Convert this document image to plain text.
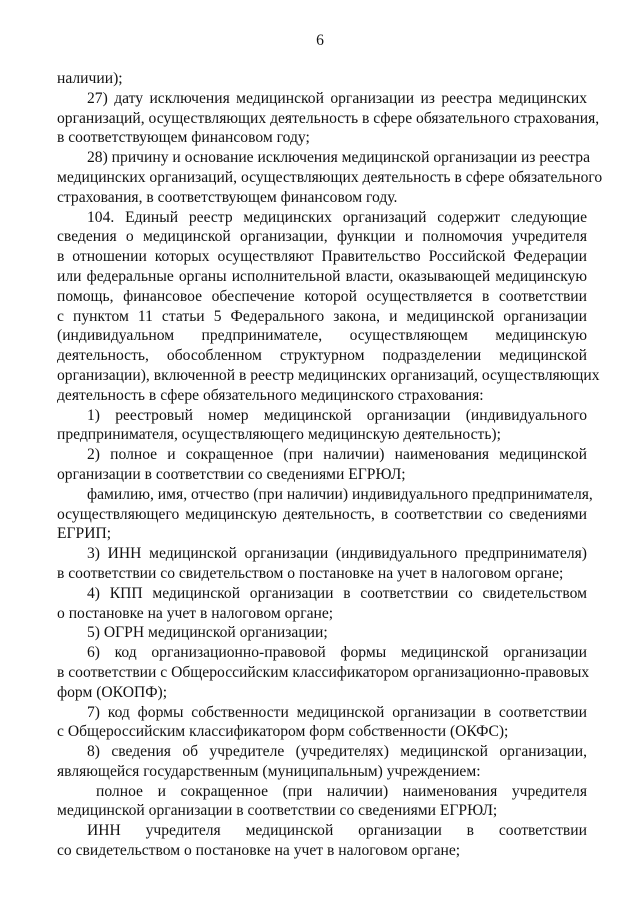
6
наличии);
27) дату исключения медицинской организации из реестра медицинских
организаций, осуществляющих деятельность в сфере обязательного страхования,
в соответствующем финансовом году;
28) причину и основание исключения медицинской организации из реестра
медицинских организаций, осуществляющих деятельность в сфере обязательного
страхования, в соответствующем финансовом году.
104. Единый реестр медицинских организаций содержит следующие
сведения о медицинской организации, функции и полномочия учредителя
в отношении которых осуществляют Правительство Российской Федерации
или федеральные органы исполнительной власти, оказывающей медицинскую
помощь, финансовое обеспечение которой осуществляется в соответствии
с пунктом 11 статьи 5 Федерального закона, и медицинской организации
(индивидуальном предпринимателе, осуществляющем медицинскую
деятельность, обособленном структурном подразделении медицинской
организации), включенной в реестр медицинских организаций, осуществляющих
деятельность в сфере обязательного медицинского страхования:
1) реестровый номер медицинской организации (индивидуального
предпринимателя, осуществляющего медицинскую деятельность);
2) полное и сокращенное (при наличии) наименования медицинской
организации в соответствии со сведениями ЕГРЮЛ;
фамилию, имя, отчество (при наличии) индивидуального предпринимателя,
осуществляющего медицинскую деятельность, в соответствии со сведениями
ЕГРИП;
3) ИНН медицинской организации (индивидуального предпринимателя)
в соответствии со свидетельством о постановке на учет в налоговом органе;
4) КПП медицинской организации в соответствии со свидетельством
о постановке на учет в налоговом органе;
5) ОГРН медицинской организации;
6) код организационно-правовой формы медицинской организации
в соответствии с Общероссийским классификатором организационно-правовых
форм (ОКОПФ);
7) код формы собственности медицинской организации в соответствии
с Общероссийским классификатором форм собственности (ОКФС);
8) сведения об учредителе (учредителях) медицинской организации,
являющейся государственным (муниципальным) учреждением:
полное и сокращенное (при наличии) наименования учредителя
медицинской организации в соответствии со сведениями ЕГРЮЛ;
ИНН учредителя медицинской организации в соответствии
со свидетельством о постановке на учет в налоговом органе;
